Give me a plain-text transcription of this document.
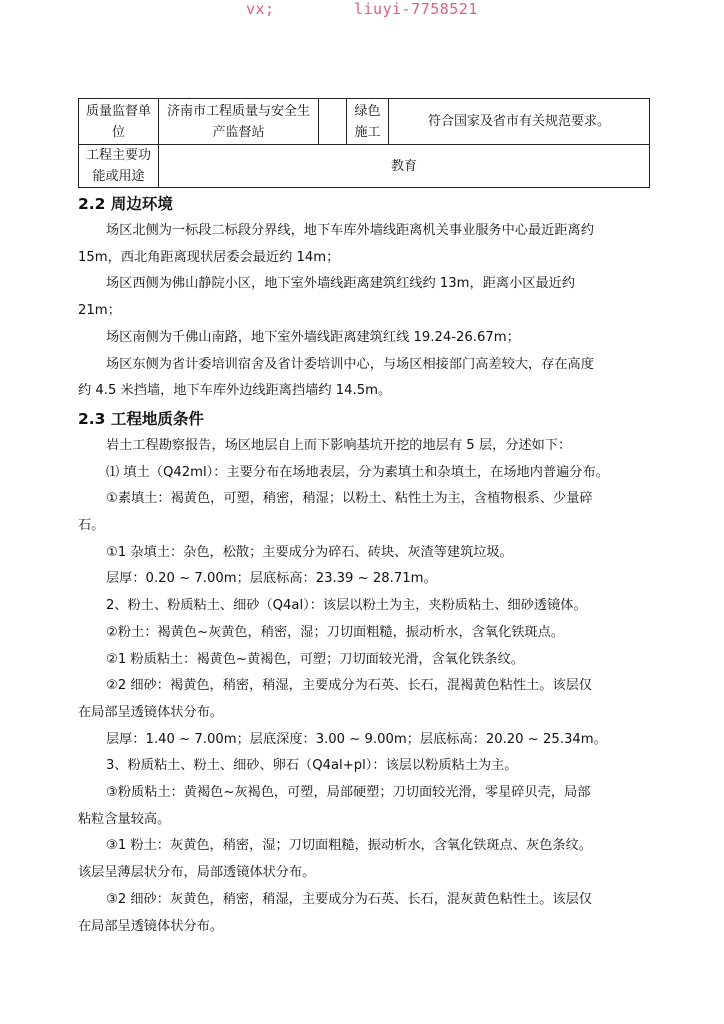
vx;	liuyi-7758521
质量监督单位	济南市工程质量与安全生产监督站		绿色施工	符合国家及省市有关规范要求。
工程主要功能或用途	教育			
2.2 周边环境

场区北侧为一标段二标段分界线，地下车库外墙线距离机关事业服务中心最近距离约

15m，西北角距离现状居委会最近约 14m；

场区西侧为佛山静院小区，地下室外墙线距离建筑红线约 13m，距离小区最近约

21m；

场区南侧为千佛山南路，地下室外墙线距离建筑红线 19.24-26.67m；

场区东侧为省计委培训宿舍及省计委培训中心，与场区相接部门高差较大，存在高度

约 4.5 米挡墙，地下车库外边线距离挡墙约 14.5m。

2.3 工程地质条件

岩土工程勘察报告，场区地层自上而下影响基坑开挖的地层有 5 层，分述如下：

⑴ 填土（Q42ml）：主要分布在场地表层，分为素填土和杂填土，在场地内普遍分布。

①素填土：褐黄色，可塑，稍密，稍湿；以粉土、粘性土为主，含植物根系、少量碎

石。

①1 杂填土：杂色，松散；主要成分为碎石、砖块、灰渣等建筑垃圾。

层厚：0.20 ~ 7.00m；层底标高：23.39 ~ 28.71m。

2、粉土、粉质粘土、细砂（Q4al）：该层以粉土为主，夹粉质粘土、细砂透镜体。

②粉土：褐黄色~灰黄色，稍密，湿；刀切面粗糙，振动析水，含氧化铁斑点。

②1 粉质粘土：褐黄色~黄褐色，可塑；刀切面较光滑，含氧化铁条纹。

②2 细砂：褐黄色，稍密，稍湿，主要成分为石英、长石，混褐黄色粘性土。该层仅

在局部呈透镜体状分布。

层厚：1.40 ~ 7.00m；层底深度：3.00 ~ 9.00m；层底标高：20.20 ~ 25.34m。

3、粉质粘土、粉土、细砂、卵石（Q4al+pl）：该层以粉质粘土为主。

③粉质粘土：黄褐色~灰褐色，可塑，局部硬塑；刀切面较光滑，零星碎贝壳，局部

粘粒含量较高。

③1 粉土：灰黄色，稍密，湿；刀切面粗糙，振动析水，含氧化铁斑点、灰色条纹。

该层呈薄层状分布，局部透镜体状分布。

③2 细砂：灰黄色，稍密，稍湿，主要成分为石英、长石，混灰黄色粘性土。该层仅

在局部呈透镜体状分布。
